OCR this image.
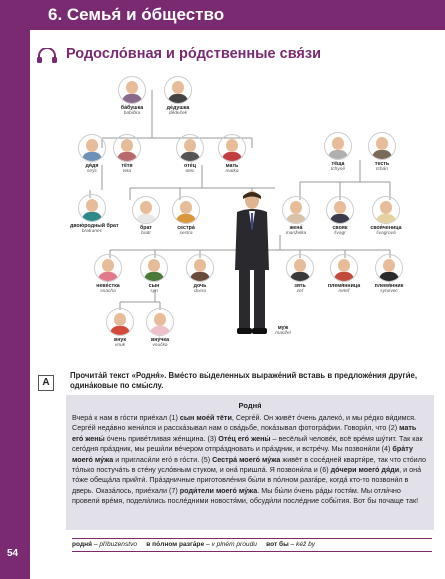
6. Семья́ и о́бщество
Родосло́вная и ро́дственные свя́зи
ба́бушка
babička
де́душка
dědeček
дя́дя
strýc
тётя
teta
оте́ц
otec
мать
matka
тёща
tchyně
тесть
tchán
двою́родный брат
bratranec
брат
bratr
сестра́
sestra
жена́
manželka
свояк
švagr
своя́ченица
švagrová
неве́стка
snacha
сын
syn
дочь
dcera
зять
zeť
племя́нница
neteř
племя́нник
synovec
внук
vnuk
вну́чка
vnučka
муж
manžel
А
Прочита́й текст «Родня́». Вме́сто вы́деленных выраже́ний вставь в предложе́ния други́е, одина́ковые по смы́слу.
Родня́
Вчера́ к нам в го́сти прие́хал (1) сын мое́й тёти, Серге́й. Он живёт о́чень далеко́, и мы ре́дко ви́димся. Серге́й неда́вно жени́лся и расска́зывал нам о сва́дьбе, пока́зывал фотогра́фии. Говори́л, что (2) мать его́ жены́ о́чень приве́тливая же́нщина. (3) Оте́ц его́ жены́ – весёлый челове́к, всё вре́мя шу́тит. Так как сего́дня пра́здник, мы реши́ли ве́чером отпра́здновать и пра́здник, и встре́чу. Мы позвони́ли (4) бра́ту моего́ му́жа и пригласи́ли его́ в го́сти. (5) Сестра́ моего́ му́жа живёт в сосе́дней кварти́ре, так что сто́ило то́лько постуча́ть в сте́ну усло́вным стуком, и она́ пришла́. Я позвони́ла и (6) до́чери моего́ дя́ди, и она́ то́же обеща́ла прийти́. Пра́здничные приготовле́ния бы́ли в по́лном разга́ре, когда́ кто-то позвони́л в дверь. Оказа́лось, прие́хали (7) роди́тели моего́ му́жа. Мы бы́ли о́чень ра́ды гостя́м. Мы отли́чно провели́ вре́мя, подели́лись после́дними новостя́ми, обсуди́ли после́дние собы́тия. Вот бы почаще так!
родня́ – příbuzenstvo в по́лном разга́ре – v plném proudu вот бы – kéž by
54
